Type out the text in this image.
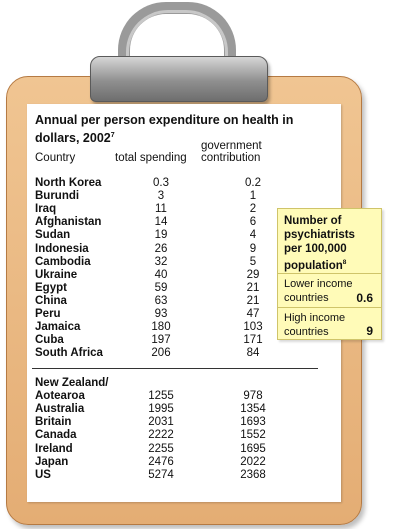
Annual per person expenditure on health in dollars, 2002$^7$
Country	total spending
government
contribution
North Korea	0.3	0.2
Burundi	3	1
Iraq	11	2
Afghanistan	14	6
Sudan	19	4
Indonesia	26	9
Cambodia	32	5
Ukraine	40	29
Egypt	59	21
China	63	21
Peru	93	47
Jamaica	180	103
Cuba	197	171
South Africa	206	84
New Zealand/
Aotearoa	1255	978
Australia	1995	1354
Britain	2031	1693
Canada	2222	1552
Ireland	2255	1695
Japan	2476	2022
US	5274	2368
Number of
psychiatrists
per 100,000
population$^8$
Lower income
countries	0.6
High income
countries	9
